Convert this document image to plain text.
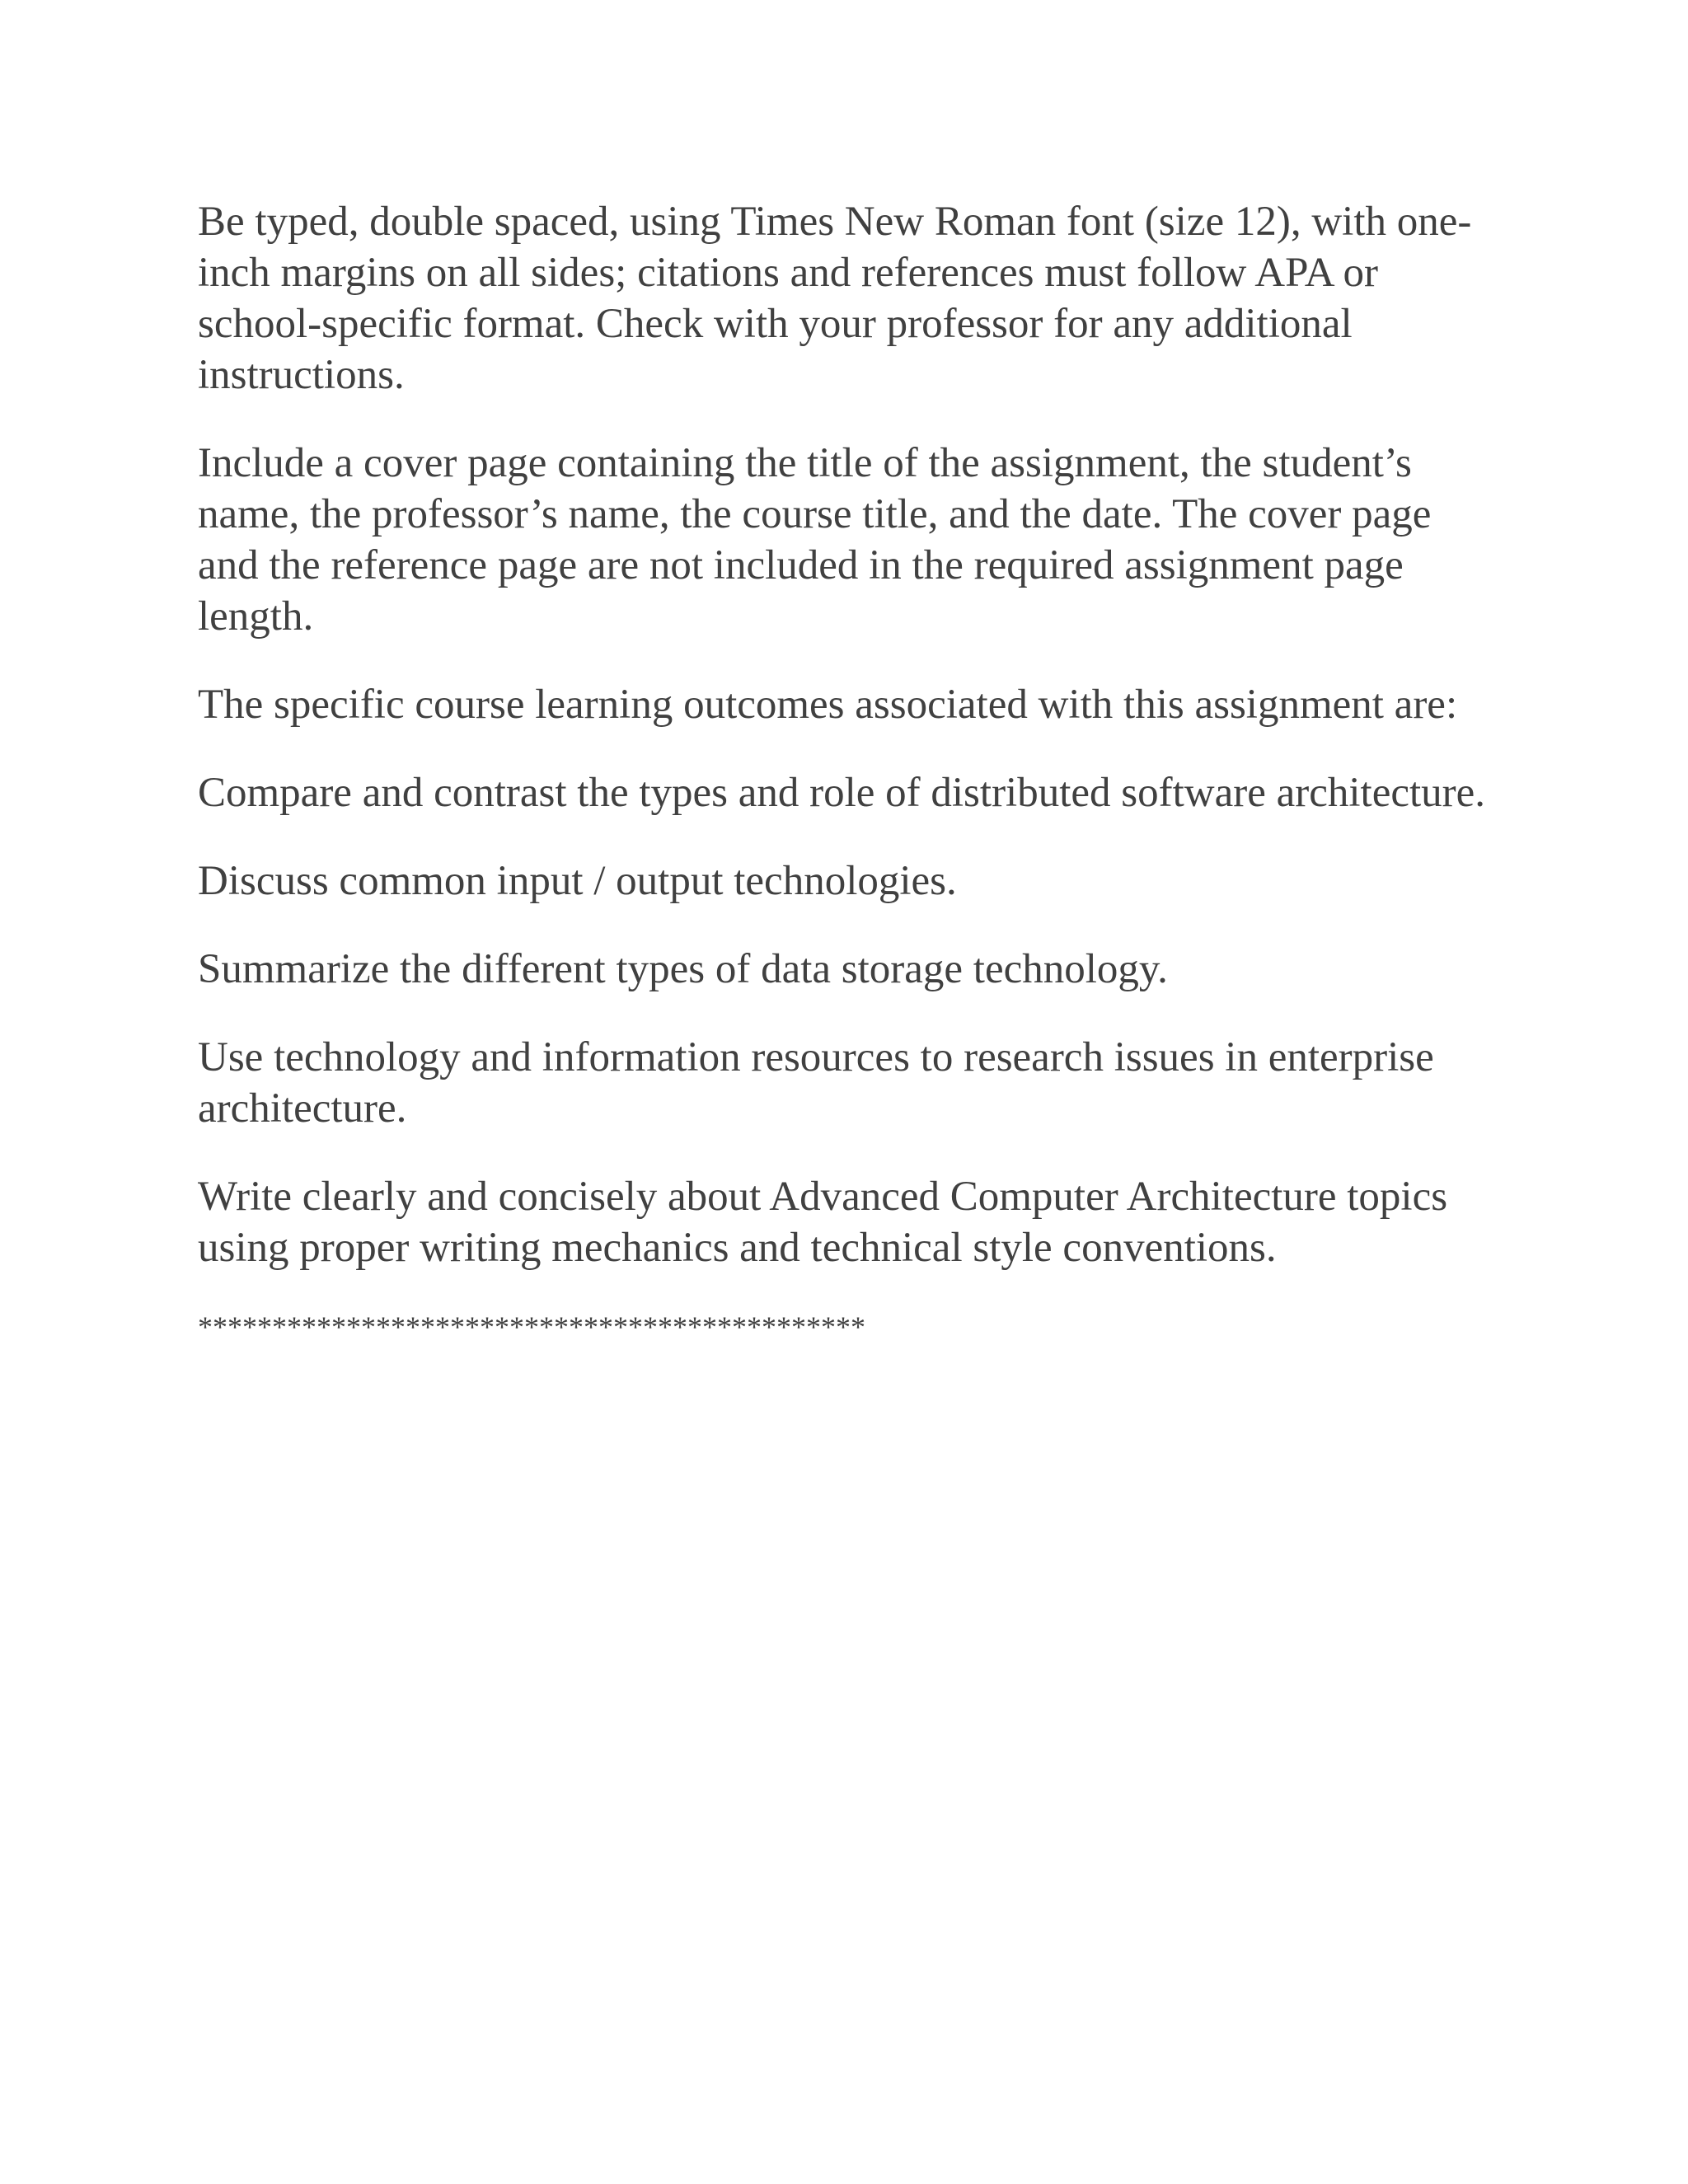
Be typed, double spaced, using Times New Roman font (size 12), with one-inch margins on all sides; citations and references must follow APA or school-specific format. Check with your professor for any additional instructions.

Include a cover page containing the title of the assignment, the student’s name, the professor’s name, the course title, and the date. The cover page and the reference page are not included in the required assignment page length.

The specific course learning outcomes associated with this assignment are:

Compare and contrast the types and role of distributed software architecture.

Discuss common input / output technologies.

Summarize the different types of data storage technology.

Use technology and information resources to research issues in enterprise architecture.

Write clearly and concisely about Advanced Computer Architecture topics using proper writing mechanics and technical style conventions.

*********************************************
